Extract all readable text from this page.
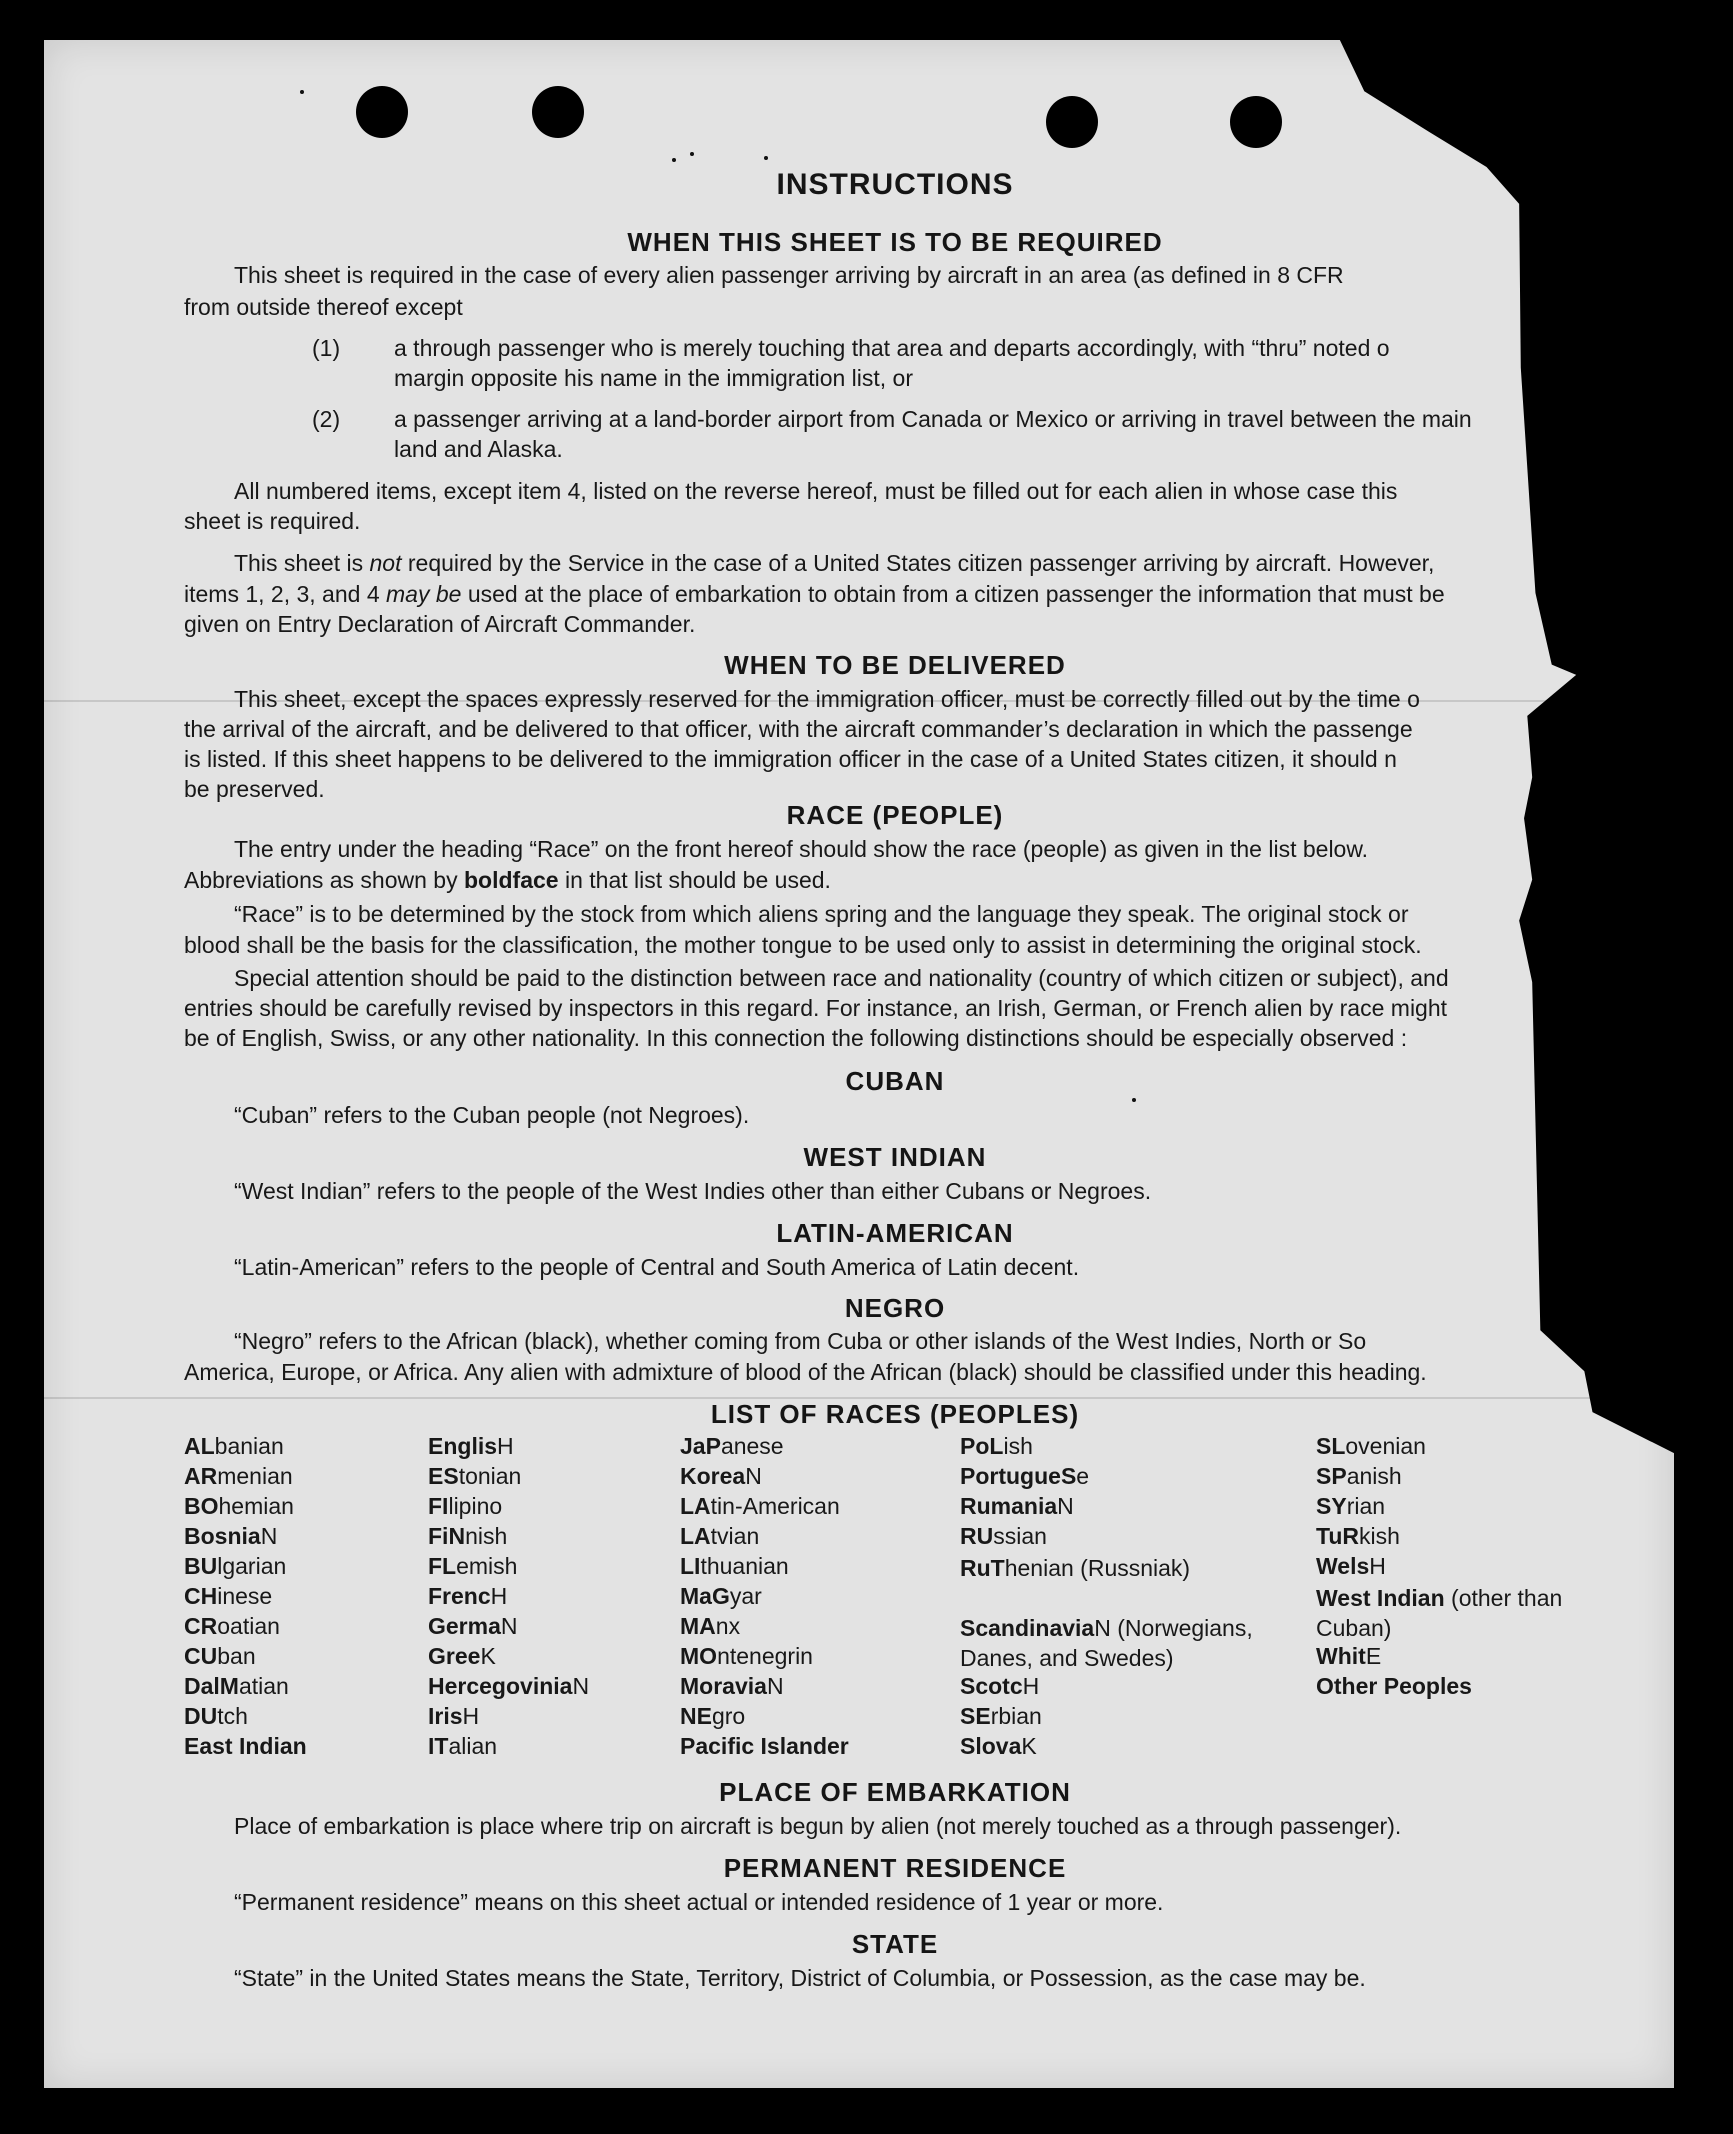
INSTRUCTIONS
WHEN THIS SHEET IS TO BE REQUIRED
This sheet is required in the case of every alien passenger arriving by aircraft in an area (as defined in 8 CFR
from outside thereof except
(1) a through passenger who is merely touching that area and departs accordingly, with “thru” noted o
margin opposite his name in the immigration list, or
(2) a passenger arriving at a land-border airport from Canada or Mexico or arriving in travel between the main
land and Alaska.
All numbered items, except item 4, listed on the reverse hereof, must be filled out for each alien in whose case this
sheet is required.
This sheet is not required by the Service in the case of a United States citizen passenger arriving by aircraft. However,
items 1, 2, 3, and 4 may be used at the place of embarkation to obtain from a citizen passenger the information that must be
given on Entry Declaration of Aircraft Commander.
WHEN TO BE DELIVERED
This sheet, except the spaces expressly reserved for the immigration officer, must be correctly filled out by the time o
the arrival of the aircraft, and be delivered to that officer, with the aircraft commander’s declaration in which the passenge
is listed. If this sheet happens to be delivered to the immigration officer in the case of a United States citizen, it should n
be preserved.
RACE (PEOPLE)
The entry under the heading “Race” on the front hereof should show the race (people) as given in the list below.
Abbreviations as shown by boldface in that list should be used.
“Race” is to be determined by the stock from which aliens spring and the language they speak. The original stock or
blood shall be the basis for the classification, the mother tongue to be used only to assist in determining the original stock.
Special attention should be paid to the distinction between race and nationality (country of which citizen or subject), and
entries should be carefully revised by inspectors in this regard. For instance, an Irish, German, or French alien by race might
be of English, Swiss, or any other nationality. In this connection the following distinctions should be especially observed :
CUBAN
“Cuban” refers to the Cuban people (not Negroes).
WEST INDIAN
“West Indian” refers to the people of the West Indies other than either Cubans or Negroes.
LATIN-AMERICAN
“Latin-American” refers to the people of Central and South America of Latin decent.
NEGRO
“Negro” refers to the African (black), whether coming from Cuba or other islands of the West Indies, North or So
America, Europe, or Africa. Any alien with admixture of blood of the African (black) should be classified under this heading.
LIST OF RACES (PEOPLES)
ALbanian
ARmenian
BOhemian
BosniaN
BUlgarian
CHinese
CRoatian
CUban
DalMatian
DUtch
East Indian
EnglisH
EStonian
FIlipino
FiNnish
FLemish
FrencH
GermaN
GreeK
HercegoviniaN
IrisH
ITalian
JaPanese
KoreaN
LAtin-American
LAtvian
LIthuanian
MaGyar
MAnx
MOntenegrin
MoraviaN
NEgro
Pacific Islander
PoLish
PortugueSe
RumaniaN
RUssian
RuThenian (Russniak)
ScandinaviaN (Norwegians, Danes, and Swedes)
ScotcH
SErbian
SlovaK
SLovenian
SPanish
SYrian
TuRkish
WelsH
West Indian (other than Cuban)
WhitE
Other Peoples
PLACE OF EMBARKATION
Place of embarkation is place where trip on aircraft is begun by alien (not merely touched as a through passenger).
PERMANENT RESIDENCE
“Permanent residence” means on this sheet actual or intended residence of 1 year or more.
STATE
“State” in the United States means the State, Territory, District of Columbia, or Possession, as the case may be.
